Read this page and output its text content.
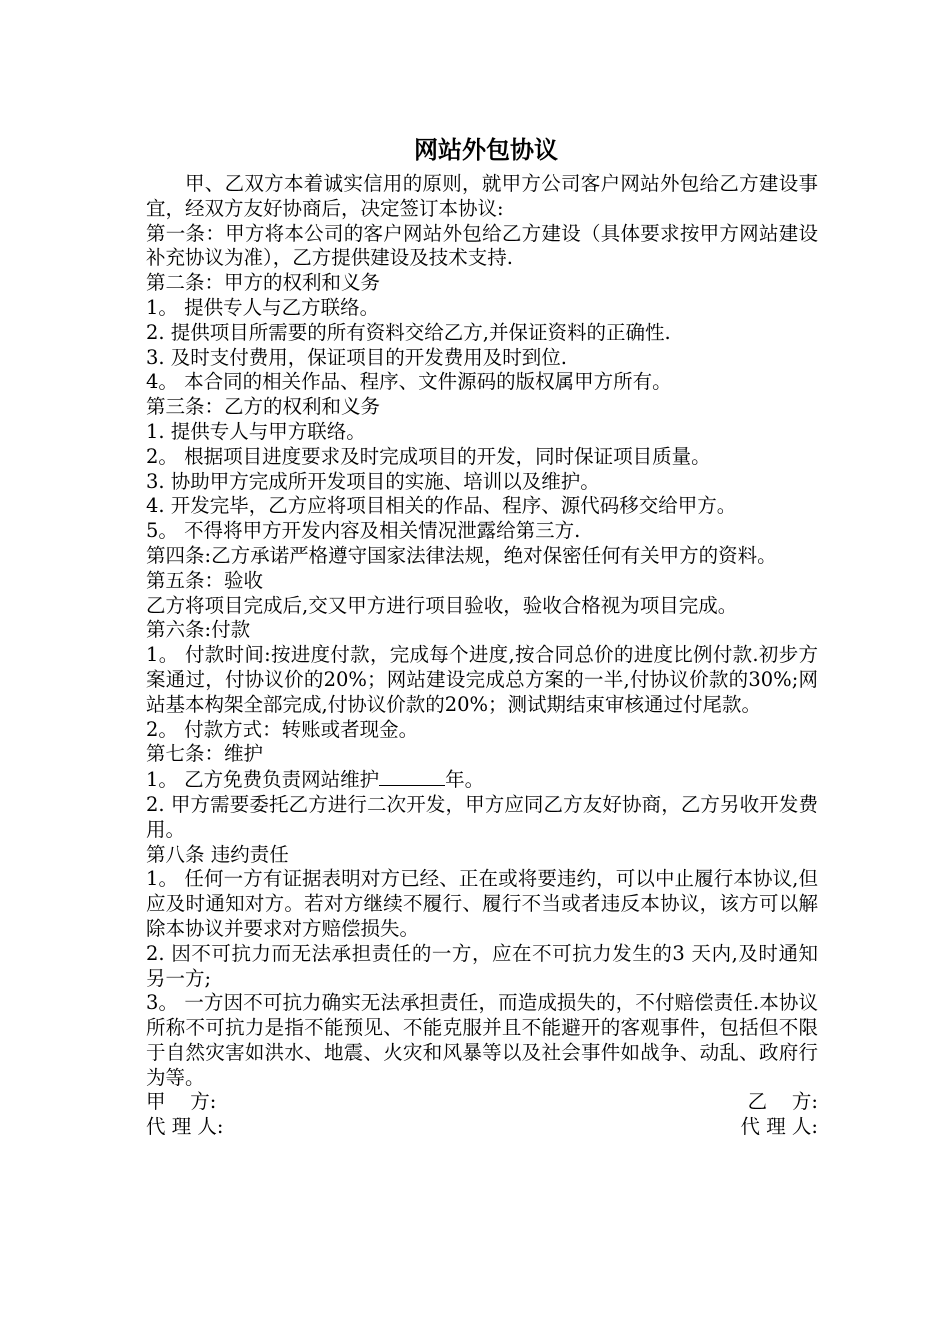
网站外包协议

甲、乙双方本着诚实信用的原则，就甲方公司客户网站外包给乙方建设事宜，经双方友好协商后，决定签订本协议:

第一条：甲方将本公司的客户网站外包给乙方建设（具体要求按甲方网站建设补充协议为准），乙方提供建设及技术支持.

第二条：甲方的权利和义务

1。 提供专人与乙方联络。

2. 提供项目所需要的所有资料交给乙方,并保证资料的正确性.

3. 及时支付费用，保证项目的开发费用及时到位.

4。 本合同的相关作品、程序、文件源码的版权属甲方所有。

第三条：乙方的权利和义务

1. 提供专人与甲方联络。

2。 根据项目进度要求及时完成项目的开发，同时保证项目质量。

3. 协助甲方完成所开发项目的实施、培训以及维护。

4. 开发完毕，乙方应将项目相关的作品、程序、源代码移交给甲方。

5。 不得将甲方开发内容及相关情况泄露给第三方.

第四条:乙方承诺严格遵守国家法律法规，绝对保密任何有关甲方的资料。

第五条：验收

乙方将项目完成后,交又甲方进行项目验收，验收合格视为项目完成。

第六条:付款

1。 付款时间:按进度付款，完成每个进度,按合同总价的进度比例付款.初步方案通过，付协议价的20%；网站建设完成总方案的一半,付协议价款的30%;网站基本构架全部完成,付协议价款的20%；测试期结束审核通过付尾款。

2。 付款方式：转账或者现金。

第七条：维护

1。 乙方免费负责网站维护	年。

2. 甲方需要委托乙方进行二次开发，甲方应同乙方友好协商，乙方另收开发费用。

第八条 违约责任

1。 任何一方有证据表明对方已经、正在或将要违约，可以中止履行本协议,但应及时通知对方。若对方继续不履行、履行不当或者违反本协议，该方可以解除本协议并要求对方赔偿损失。

2. 因不可抗力而无法承担责任的一方，应在不可抗力发生的3 天内,及时通知另一方;

3。 一方因不可抗力确实无法承担责任，而造成损失的，不付赔偿责任.本协议所称不可抗力是指不能预见、不能克服并且不能避开的客观事件，包括但不限于自然灾害如洪水、地震、火灾和风暴等以及社会事件如战争、动乱、政府行为等。

甲    方:	乙    方:
代 理 人:	代 理 人:
